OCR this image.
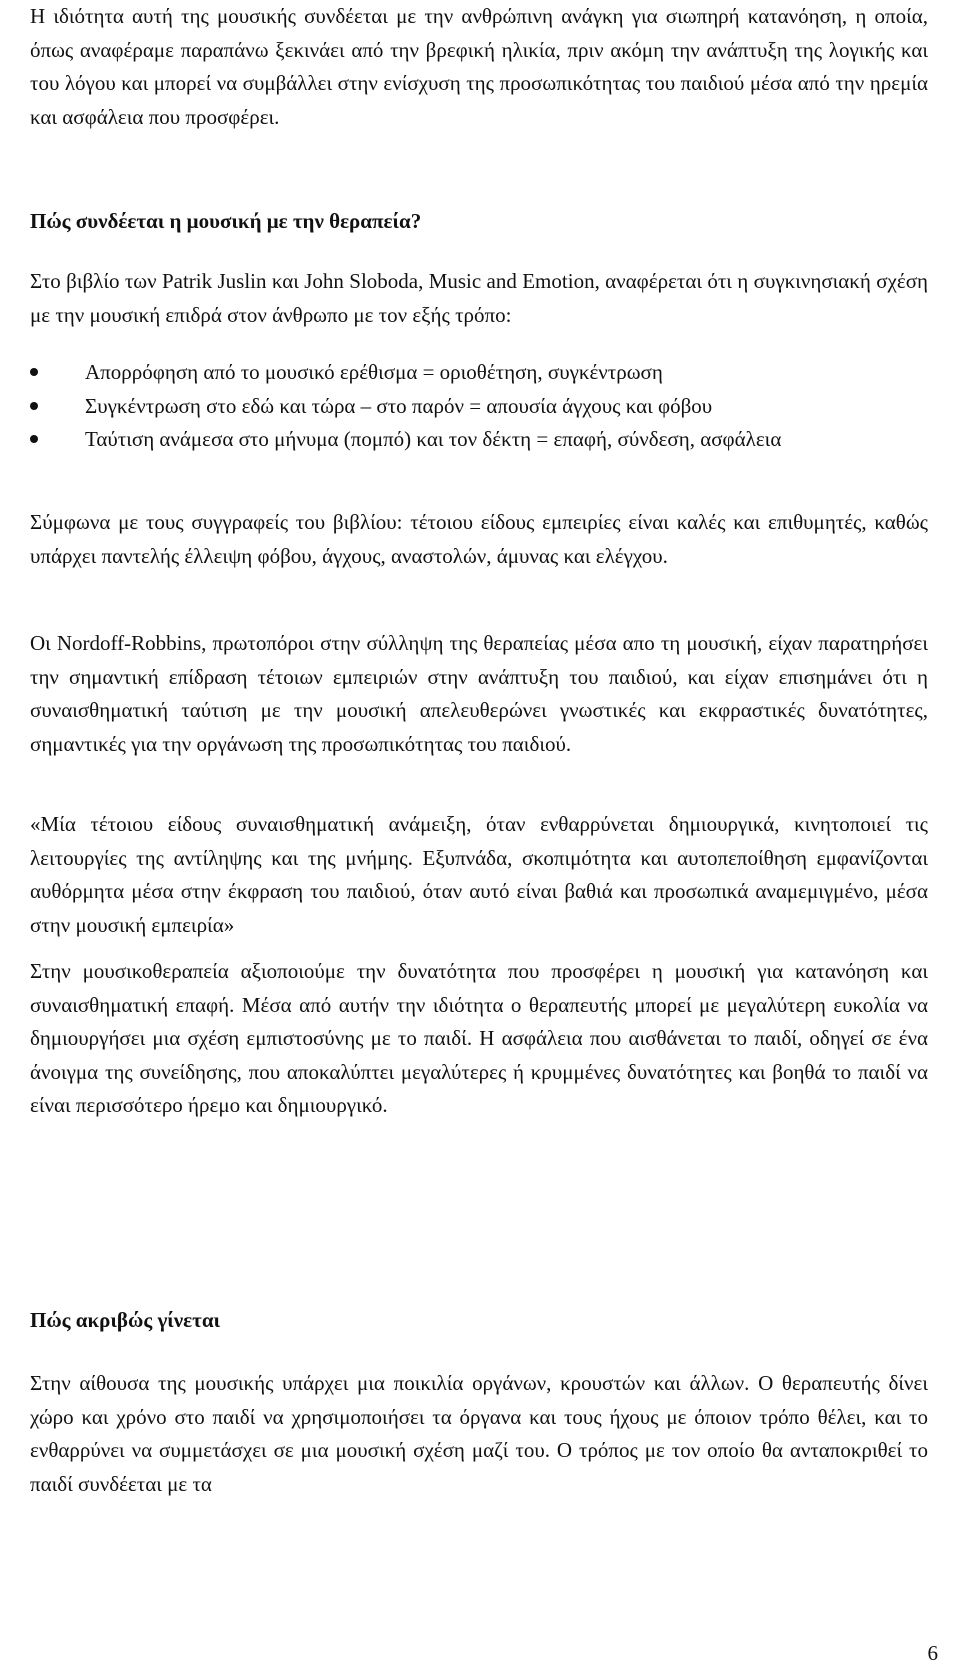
Η ιδιότητα αυτή της μουσικής συνδέεται με την ανθρώπινη ανάγκη για σιωπηρή κατανόηση, η οποία, όπως αναφέραμε παραπάνω ξεκινάει από την βρεφική ηλικία, πριν ακόμη την ανάπτυξη της λογικής και του λόγου και μπορεί να συμβάλλει στην ενίσχυση της προσωπικότητας του παιδιού μέσα από την ηρεμία και ασφάλεια που προσφέρει.

Πώς συνδέεται η μουσική με την θεραπεία?

Στο βιβλίο των Patrik Juslin και John Sloboda, Music and Emotion, αναφέρεται ότι η συγκινησιακή σχέση με την μουσική επιδρά στον άνθρωπο με τον εξής τρόπο:

Απορρόφηση από το μουσικό ερέθισμα = οριοθέτηση, συγκέντρωση
Συγκέντρωση στο εδώ και τώρα – στο παρόν = απουσία άγχους και φόβου
Ταύτιση ανάμεσα στο μήνυμα (πομπό) και τον δέκτη = επαφή, σύνδεση, ασφάλεια

Σύμφωνα με τους συγγραφείς του βιβλίου: τέτοιου είδους εμπειρίες είναι καλές και επιθυμητές, καθώς υπάρχει παντελής έλλειψη φόβου, άγχους, αναστολών, άμυνας και ελέγχου.

Οι Nordoff-Robbins, πρωτοπόροι στην σύλληψη της θεραπείας μέσα απο τη μουσική, είχαν παρατηρήσει την σημαντική επίδραση τέτοιων εμπειριών στην ανάπτυξη του παιδιού, και είχαν επισημάνει ότι η συναισθηματική ταύτιση με την μουσική απελευθερώνει γνωστικές και εκφραστικές δυνατότητες, σημαντικές για την οργάνωση της προσωπικότητας του παιδιού.

«Μία τέτοιου είδους συναισθηματική ανάμειξη, όταν ενθαρρύνεται δημιουργικά, κινητοποιεί τις λειτουργίες της αντίληψης και της μνήμης. Εξυπνάδα, σκοπιμότητα και αυτοπεποίθηση εμφανίζονται αυθόρμητα μέσα στην έκφραση του παιδιού, όταν αυτό είναι βαθιά και προσωπικά αναμεμιγμένο, μέσα στην μουσική εμπειρία»

Στην μουσικοθεραπεία αξιοποιούμε την δυνατότητα που προσφέρει η μουσική για κατανόηση και συναισθηματική επαφή. Μέσα από αυτήν την ιδιότητα ο θεραπευτής μπορεί με μεγαλύτερη ευκολία να δημιουργήσει μια σχέση εμπιστοσύνης με το παιδί. Η ασφάλεια που αισθάνεται το παιδί, οδηγεί σε ένα άνοιγμα της συνείδησης, που αποκαλύπτει μεγαλύτερες ή κρυμμένες δυνατότητες και βοηθά το παιδί να είναι περισσότερο ήρεμο και δημιουργικό.

Πώς ακριβώς γίνεται

Στην αίθουσα της μουσικής υπάρχει μια ποικιλία οργάνων, κρουστών και άλλων. Ο θεραπευτής δίνει χώρο και χρόνο στο παιδί να χρησιμοποιήσει τα όργανα και τους ήχους με όποιον τρόπο θέλει, και το ενθαρρύνει να συμμετάσχει σε μια μουσική σχέση μαζί του. Ο τρόπος με τον οποίο θα ανταποκριθεί το παιδί συνδέεται με τα

6
